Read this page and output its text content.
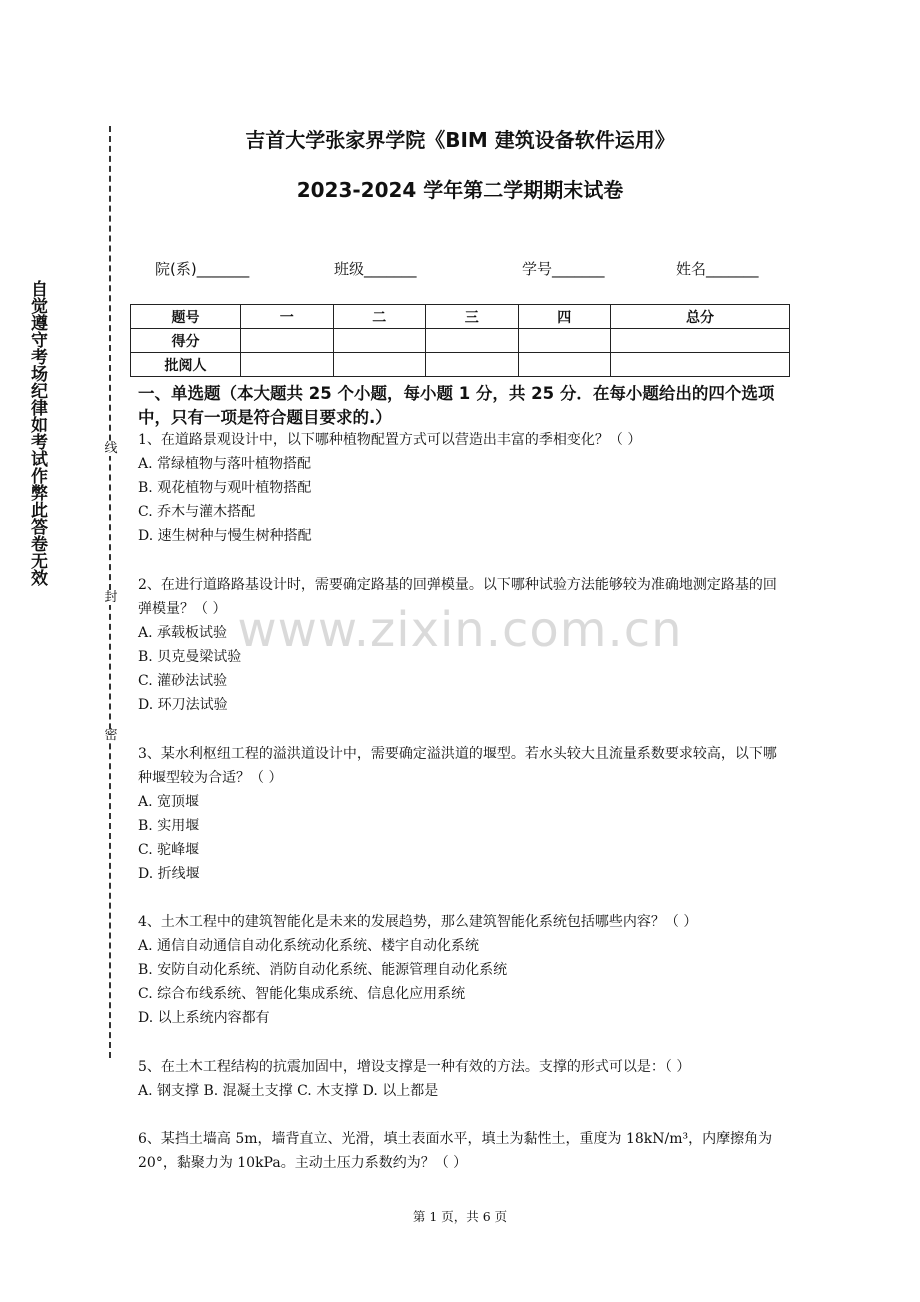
自觉遵守考场纪律如考试作弊此答卷无效	线
封
密
吉首大学张家界学院《BIM 建筑设备软件运用》
2023-2024 学年第二学期期末试卷
院(系)_______	班级_______	学号_______	姓名_______
题号	一	二	三	四	总分
得分					
批阅人					
一、单选题（本大题共 25 个小题，每小题 1 分，共 25 分．在每小题给出的四个选项中，只有一项是符合题目要求的.）

1、在道路景观设计中，以下哪种植物配置方式可以营造出丰富的季相变化？（ ）

A. 常绿植物与落叶植物搭配

B. 观花植物与观叶植物搭配

C. 乔木与灌木搭配

D. 速生树种与慢生树种搭配

2、在进行道路路基设计时，需要确定路基的回弹模量。以下哪种试验方法能够较为准确地测定路基的回弹模量？（ ）

A. 承载板试验

B. 贝克曼梁试验

C. 灌砂法试验

D. 环刀法试验

3、某水利枢纽工程的溢洪道设计中，需要确定溢洪道的堰型。若水头较大且流量系数要求较高，以下哪种堰型较为合适？（ ）

A. 宽顶堰

B. 实用堰

C. 驼峰堰

D. 折线堰

4、土木工程中的建筑智能化是未来的发展趋势，那么建筑智能化系统包括哪些内容？（ ）

A. 通信自动通信自动化系统动化系统、楼宇自动化系统

B. 安防自动化系统、消防自动化系统、能源管理自动化系统

C. 综合布线系统、智能化集成系统、信息化应用系统

D. 以上系统内容都有

5、在土木工程结构的抗震加固中，增设支撑是一种有效的方法。支撑的形式可以是：（ ）

A. 钢支撑 B. 混凝土支撑 C. 木支撑 D. 以上都是

6、某挡土墙高 5m，墙背直立、光滑，填土表面水平，填土为黏性土，重度为 18kN/m³，内摩擦角为 20°，黏聚力为 10kPa。主动土压力系数约为？（ ）

www.zixin.com.cn
第 1 页，共 6 页
